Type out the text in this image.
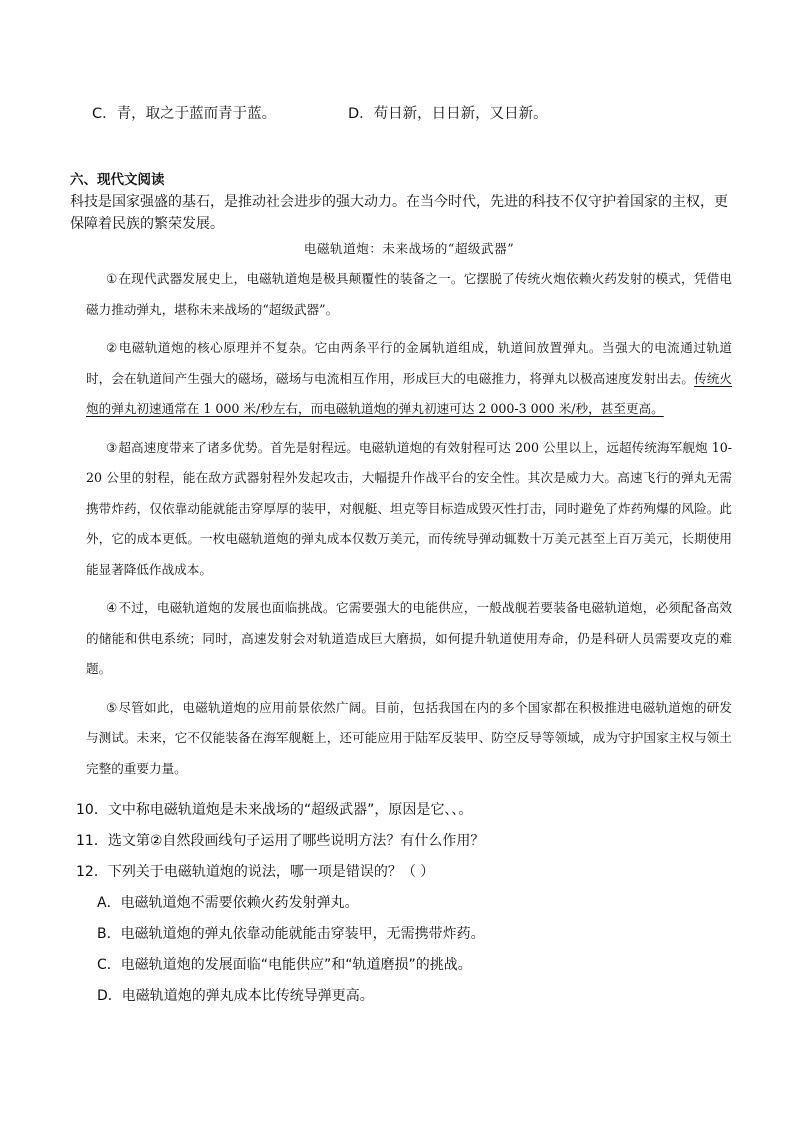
C．青，取之于蓝而青于蓝。	D．苟日新，日日新，又日新。
六、现代文阅读
科技是国家强盛的基石，是推动社会进步的强大动力。在当今时代，先进的科技不仅守护着国家的主权，更保障着民族的繁荣发展。
电磁轨道炮：未来战场的“超级武器”

①在现代武器发展史上，电磁轨道炮是极具颠覆性的装备之一。它摆脱了传统火炮依赖火药发射的模式，凭借电磁力推动弹丸，堪称未来战场的“超级武器”。

②电磁轨道炮的核心原理并不复杂。它由两条平行的金属轨道组成，轨道间放置弹丸。当强大的电流通过轨道时，会在轨道间产生强大的磁场，磁场与电流相互作用，形成巨大的电磁推力，将弹丸以极高速度发射出去。传统火炮的弹丸初速通常在 1 000 米/秒左右，而电磁轨道炮的弹丸初速可达 2 000-3 000 米/秒，甚至更高。

③超高速度带来了诸多优势。首先是射程远。电磁轨道炮的有效射程可达 200 公里以上，远超传统海军舰炮 10-20 公里的射程，能在敌方武器射程外发起攻击，大幅提升作战平台的安全性。其次是威力大。高速飞行的弹丸无需携带炸药，仅依靠动能就能击穿厚厚的装甲，对舰艇、坦克等目标造成毁灭性打击，同时避免了炸药殉爆的风险。此外，它的成本更低。一枚电磁轨道炮的弹丸成本仅数万美元，而传统导弹动辄数十万美元甚至上百万美元，长期使用能显著降低作战成本。

④不过，电磁轨道炮的发展也面临挑战。它需要强大的电能供应，一般战舰若要装备电磁轨道炮，必须配备高效的储能和供电系统；同时，高速发射会对轨道造成巨大磨损，如何提升轨道使用寿命，仍是科研人员需要攻克的难题。

⑤尽管如此，电磁轨道炮的应用前景依然广阔。目前，包括我国在内的多个国家都在积极推进电磁轨道炮的研发与测试。未来，它不仅能装备在海军舰艇上，还可能应用于陆军反装甲、防空反导等领域，成为守护国家主权与领土完整的重要力量。

10．文中称电磁轨道炮是未来战场的“超级武器”，原因是它、、。
11．选文第②自然段画线句子运用了哪些说明方法？有什么作用？
12．下列关于电磁轨道炮的说法，哪一项是错误的？（ ）
A．电磁轨道炮不需要依赖火药发射弹丸。
B．电磁轨道炮的弹丸依靠动能就能击穿装甲，无需携带炸药。
C．电磁轨道炮的发展面临“电能供应”和“轨道磨损”的挑战。
D．电磁轨道炮的弹丸成本比传统导弹更高。
